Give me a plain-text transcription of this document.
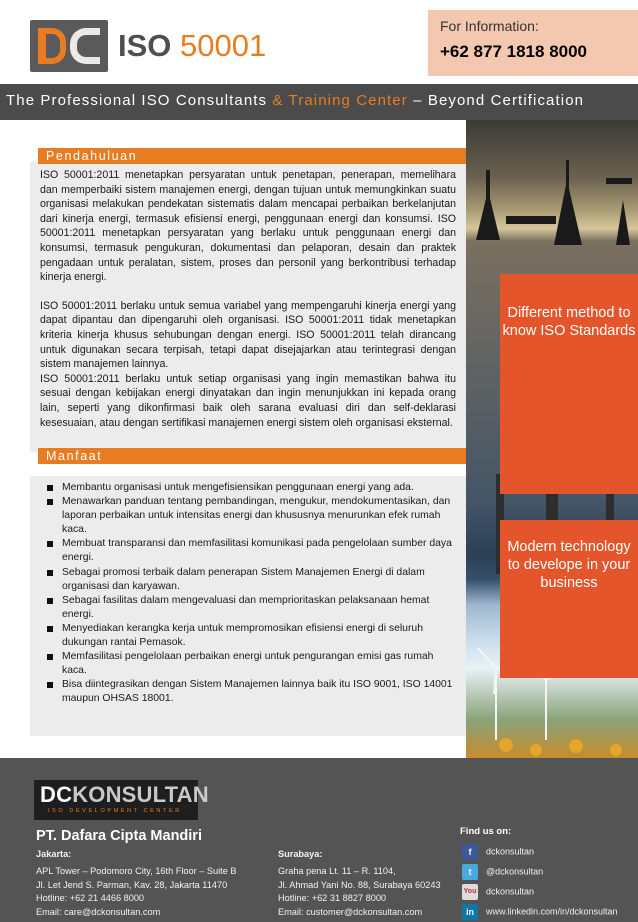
ISO 50001
For Information:
+62 877 1818 8000
The Professional ISO Consultants & Training Center – Beyond Certification
Different method to know ISO Standards
Modern technology to develope in your business

ISO 50001:2011 menetapkan persyaratan untuk penetapan, penerapan, memelihara dan memperbaiki sistem manajemen energi, dengan tujuan untuk memungkinkan suatu organisasi melakukan pendekatan sistematis dalam mencapai perbaikan berkelanjutan dari kinerja energi, termasuk efisiensi energi, penggunaan energi dan konsumsi. ISO 50001:2011 menetapkan persyaratan yang berlaku untuk penggunaan energi dan konsumsi, termasuk pengukuran, dokumentasi dan pelaporan, desain dan praktek pengadaan untuk peralatan, sistem, proses dan personil yang berkontribusi terhadap kinerja energi.

ISO 50001:2011 berlaku untuk semua variabel yang mempengaruhi kinerja energi yang dapat dipantau dan dipengaruhi oleh organisasi. ISO 50001:2011 tidak menetapkan kriteria kinerja khusus sehubungan dengan energi. ISO 50001:2011 telah dirancang untuk digunakan secara terpisah, tetapi dapat disejajarkan atau terintegrasi dengan sistem manajemen lainnya.

ISO 50001:2011 berlaku untuk setiap organisasi yang ingin memastikan bahwa itu sesuai dengan kebijakan energi dinyatakan dan ingin menunjukkan ini kepada orang lain, seperti yang dikonfirmasi baik oleh sarana evaluasi diri dan self-deklarasi kesesuaian, atau dengan sertifikasi manajemen energi sistem oleh organisasi eksternal.

Pendahuluan
Membantu organisasi untuk mengefisiensikan penggunaan energi yang ada.
Menawarkan panduan tentang pembandingan, mengukur, mendokumentasikan, dan laporan perbaikan untuk intensitas energi dan khususnya menurunkan efek rumah kaca.
Membuat transparansi dan memfasilitasi komunikasi pada pengelolaan sumber daya energi.
Sebagai promosi terbaik dalam penerapan Sistem Manajemen Energi di dalam organisasi dan karyawan.
Sebagai fasilitas dalam mengevaluasi dan memprioritaskan pelaksanaan hemat energi.
Menyediakan kerangka kerja untuk mempromosikan efisiensi energi di seluruh dukungan rantai Pemasok.
Memfasilitasi pengelolaan perbaikan energi untuk pengurangan emisi gas rumah kaca.
Bisa diintegrasikan dengan Sistem Manajemen lainnya baik itu ISO 9001, ISO 14001 maupun OHSAS 18001.
Manfaat
DCKONSULTAN
ISO DEVELOPMENT CENTER
PT. Dafara Cipta Mandiri
Jakarta:
APL Tower – Podomoro City, 16th Floor – Suite B
Jl. Let Jend S. Parman, Kav. 28, Jakarta 11470
Hotline: +62 21 4466 8000
Email: care@dckonsultan.com
Surabaya:
Graha pena Lt. 11 – R. 1104,
Jl. Ahmad Yani No. 88, Surabaya 60243
Hotline: +62 31 8827 8000
Email: customer@dckonsultan.com
Find us on:
f dckonsultan
t @dckonsultan
You dckonsultan
in www.linkedin.com/in/dckonsultan
